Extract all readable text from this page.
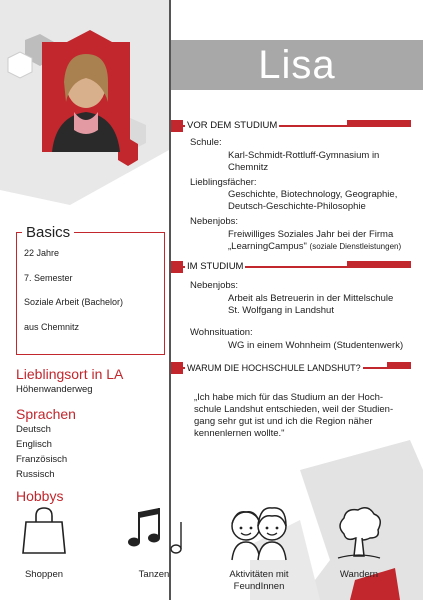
Lisa
VOR DEM STUDIUM
Schule:
Karl-Schmidt-Rottluff-Gymnasium in
Chemnitz
Lieblingsfächer:
Geschichte, Biotechnology, Geographie,
Deutsch-Geschichte-Philosophie
Nebenjobs:
Freiwilliges Soziales Jahr bei der Firma
„LearningCampus" (soziale Dienstleistungen)
IM STUDIUM
Nebenjobs:
Arbeit als Betreuerin in der Mittelschule
St. Wolfgang in Landshut
Wohnsituation:
WG in einem Wohnheim (Studentenwerk)
WARUM DIE HOCHSCHULE LANDSHUT?
„Ich habe mich für das Studium an der Hoch-
schule Landshut entschieden, weil der Studien-
gang sehr gut ist und ich die Region näher
kennenlernen wollte."
22 Jahre
7. Semester
Soziale Arbeit (Bachelor)
aus Chemnitz
Basics
Lieblingsort in LA
Höhenwanderweg
Sprachen
Deutsch
Englisch
Französisch
Russisch
Hobbys
Shoppen	Tanzen	Aktivitäten mit
FeundInnen
Wandern
